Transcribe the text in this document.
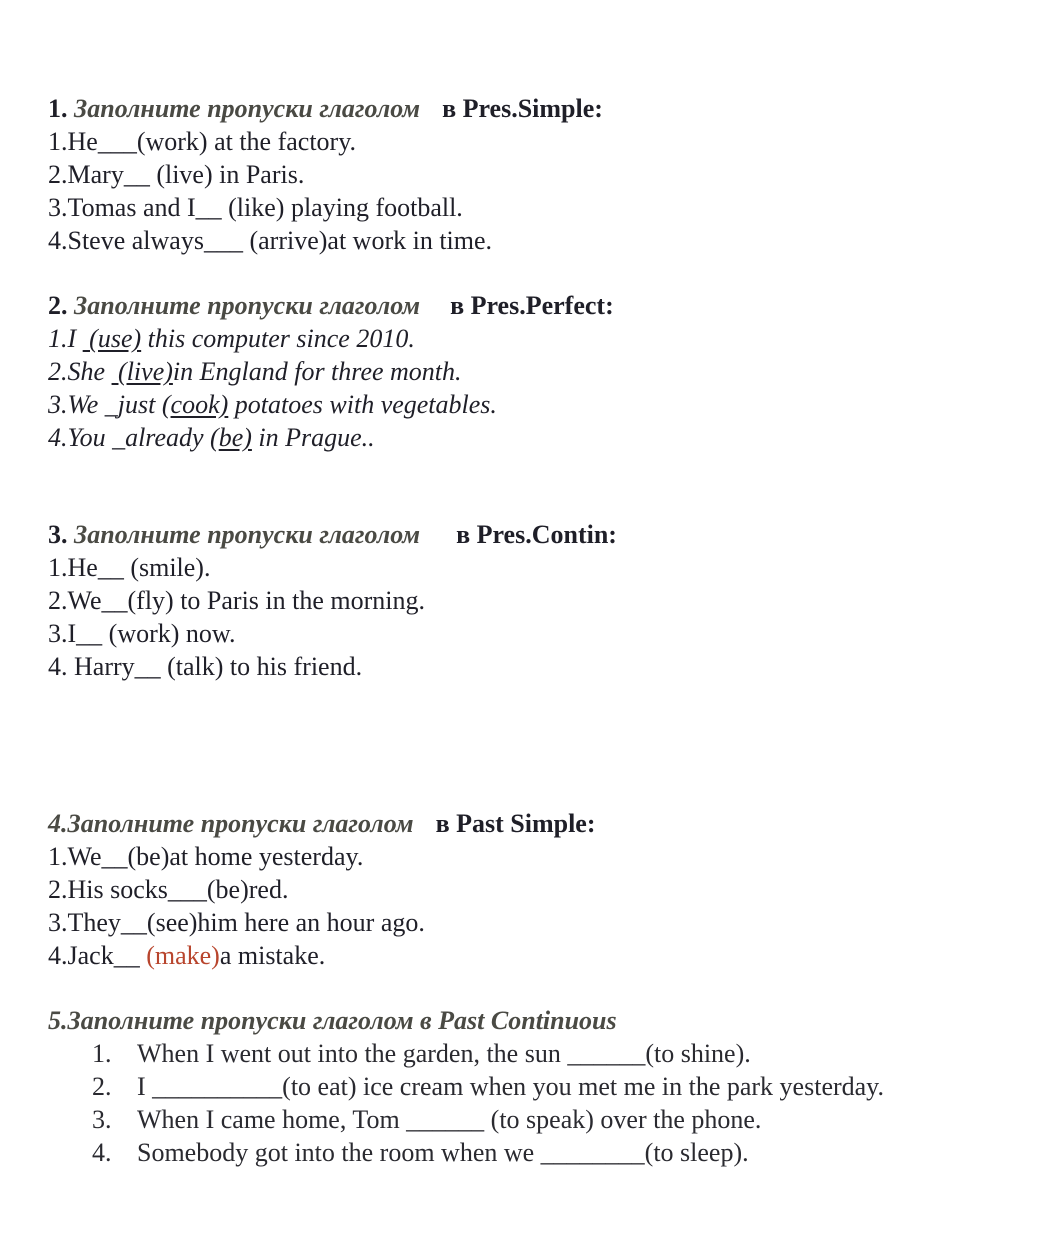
1. Заполните пропуски глаголом в Pres.Simple:
1.He___(work) at the factory.
2.Mary__ (live) in Paris.
3.Tomas and I__ (like) playing football.
4.Steve always___ (arrive)at work in time.
2. Заполните пропуски глаголом в Pres.Perfect:
1.I  (use) this computer since 2010.
2.She  (live)in England for three month.
3.We _just (cook) potatoes with vegetables.
4.You _already (be) in Prague..
3. Заполните пропуски глаголом в Pres.Contin:
1.He__ (smile).
2.We__(fly) to Paris in the morning.
3.I__ (work) now.
4. Harry__ (talk) to his friend.
4.Заполните пропуски глаголом в Past Simple:
1.We__(be)at home yesterday.
2.His socks___(be)red.
3.They__(see)him here an hour ago.
4.Jack__ (make)a mistake.
5.Заполните пропуски глаголом в Past Continuous
1. When I went out into the garden, the sun ______(to shine).
2. I __________(to eat) ice cream when you met me in the park yesterday.
3. When I came home, Tom ______ (to speak) over the phone.
4. Somebody got into the room when we ________(to sleep).
